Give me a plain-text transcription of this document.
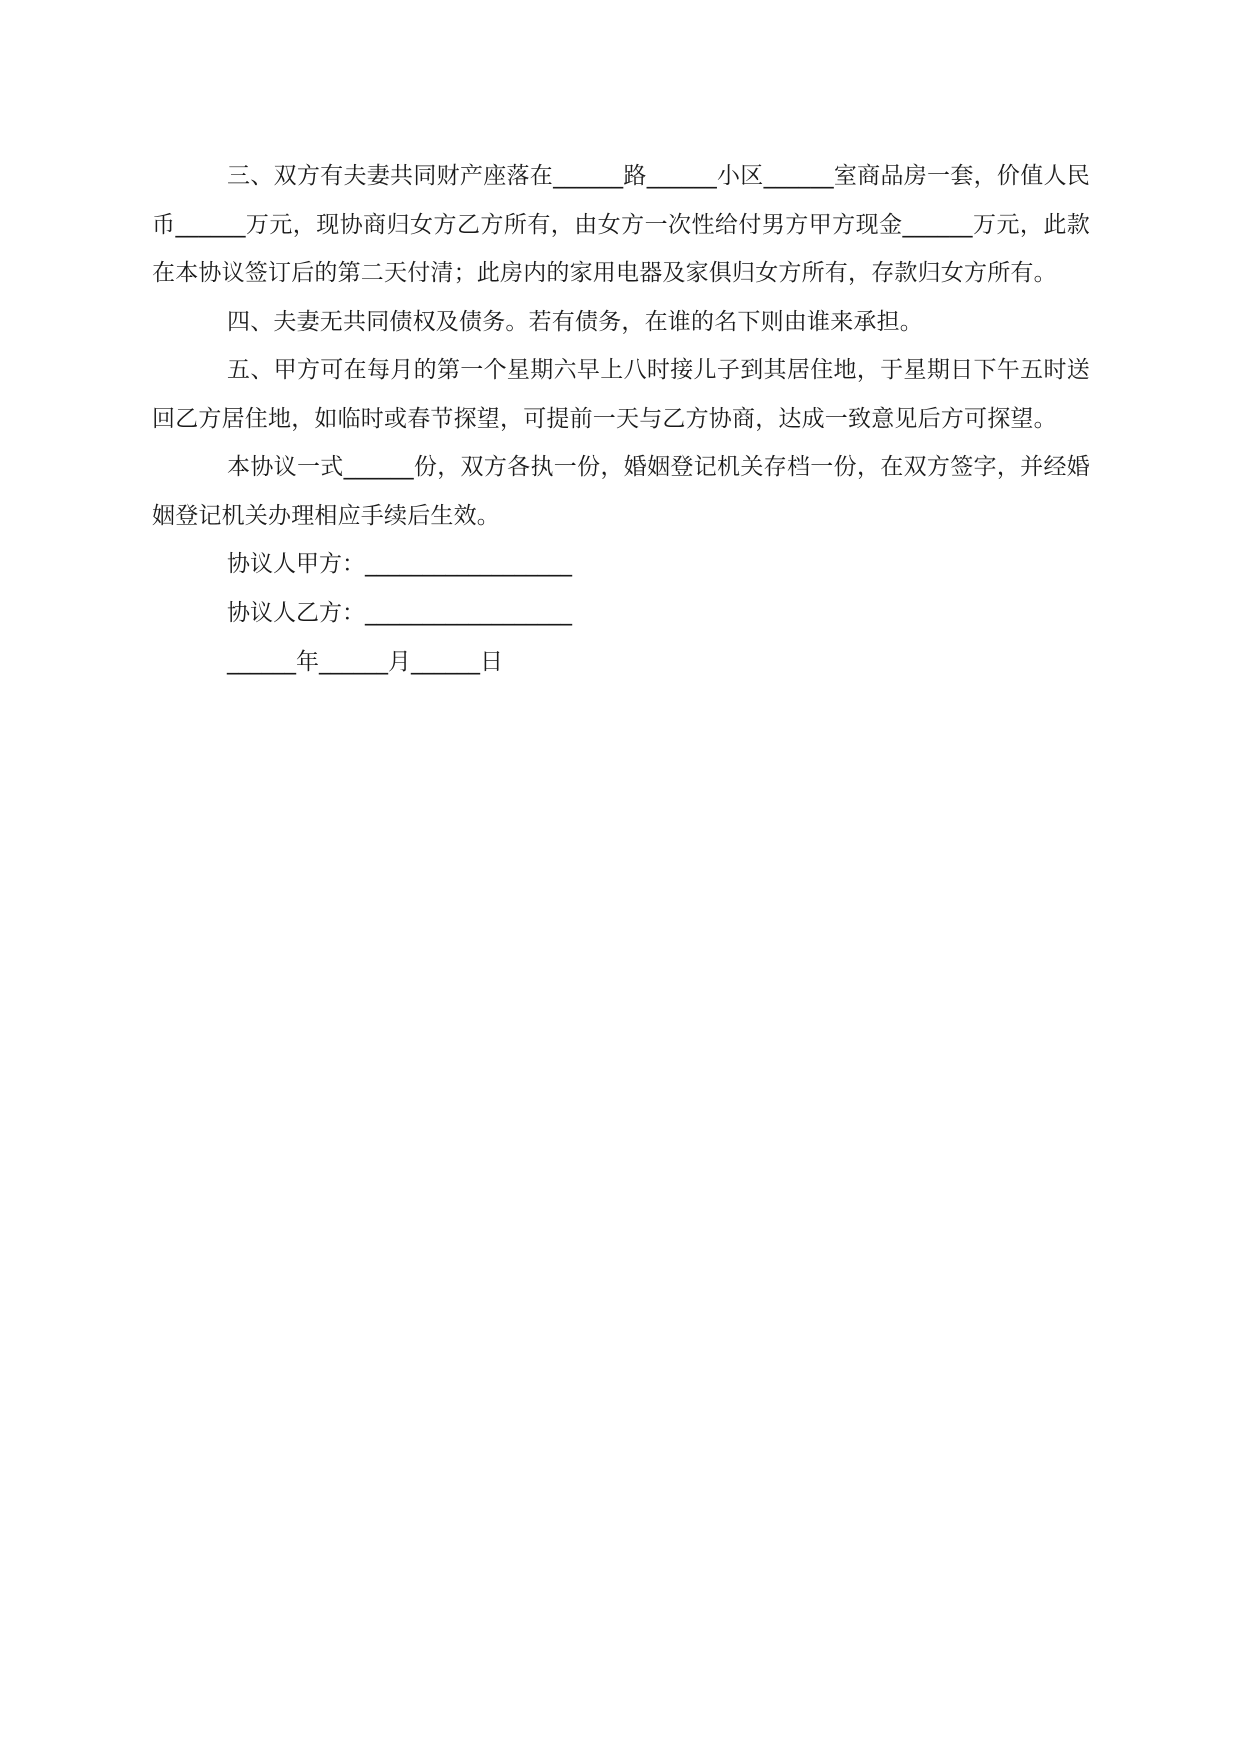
三、双方有夫妻共同财产座落在______路______小区______室商品房一套，价值人民币______万元，现协商归女方乙方所有，由女方一次性给付男方甲方现金______万元，此款在本协议签订后的第二天付清；此房内的家用电器及家俱归女方所有，存款归女方所有。

四、夫妻无共同债权及债务。若有债务，在谁的名下则由谁来承担。

五、甲方可在每月的第一个星期六早上八时接儿子到其居住地，于星期日下午五时送回乙方居住地，如临时或春节探望，可提前一天与乙方协商，达成一致意见后方可探望。

本协议一式______份，双方各执一份，婚姻登记机关存档一份，在双方签字，并经婚姻登记机关办理相应手续后生效。

协议人甲方：__________________

协议人乙方：__________________

______年______月______日
